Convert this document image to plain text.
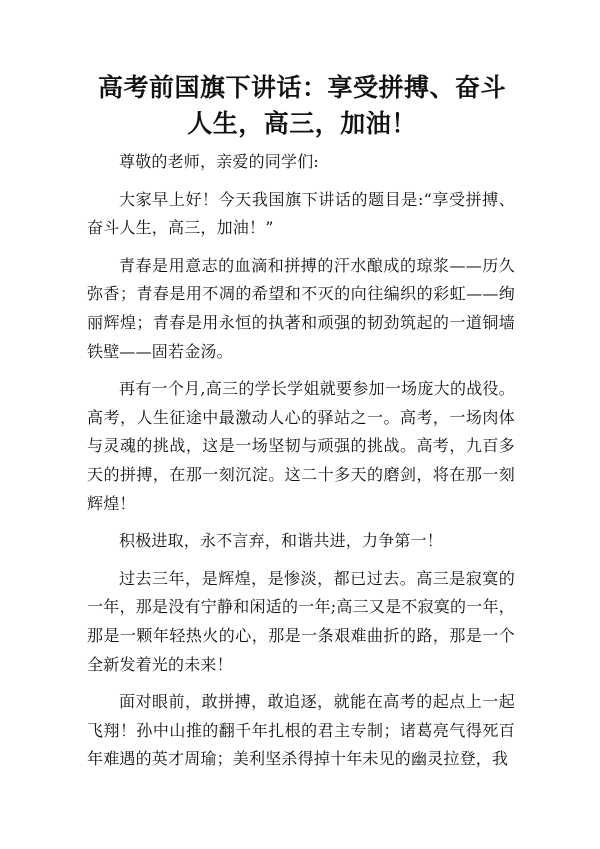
高考前国旗下讲话：享受拼搏、奋斗人生，高三，加油！

尊敬的老师，亲爱的同学们:

大家早上好！今天我国旗下讲话的题目是:“享受拼搏、奋斗人生，高三，加油！”

青春是用意志的血滴和拼搏的汗水酿成的琼浆——历久弥香；青春是用不凋的希望和不灭的向往编织的彩虹——绚丽辉煌；青春是用永恒的执著和顽强的韧劲筑起的一道铜墙铁壁——固若金汤。

再有一个月,高三的学长学姐就要参加一场庞大的战役。高考，人生征途中最激动人心的驿站之一。高考，一场肉体与灵魂的挑战，这是一场坚韧与顽强的挑战。高考，九百多天的拼搏，在那一刻沉淀。这二十多天的磨剑，将在那一刻辉煌！

积极进取，永不言弃，和谐共进，力争第一！

过去三年，是辉煌，是惨淡，都已过去。高三是寂寞的一年，那是没有宁静和闲适的一年;高三又是不寂寞的一年，那是一颗年轻热火的心，那是一条艰难曲折的路，那是一个全新发着光的未来！

面对眼前，敢拼搏，敢追逐，就能在高考的起点上一起飞翔！孙中山推的翻千年扎根的君主专制；诸葛亮气得死百年难遇的英才周瑜；美利坚杀得掉十年未见的幽灵拉登，我
